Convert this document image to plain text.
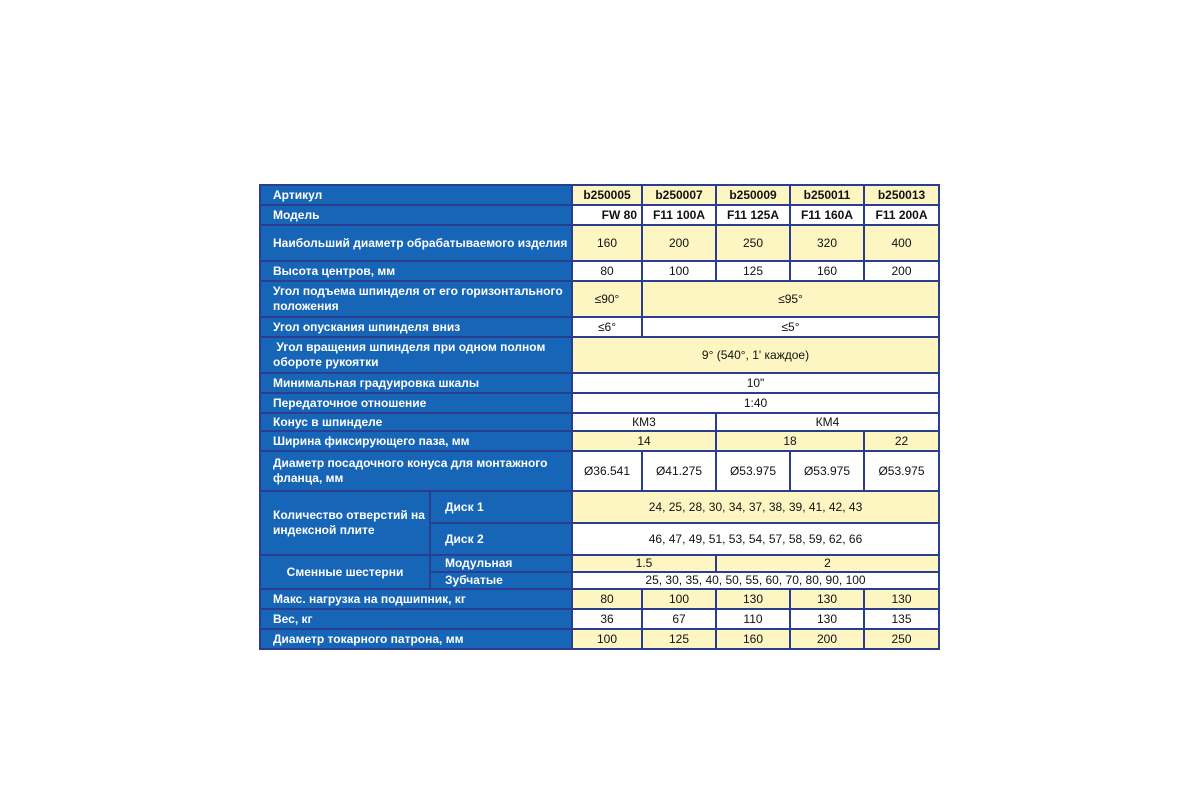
Артикул		b250005	b250007	b250009	b250011	b250013
Модель		FW 80	F11 100A	F11 125A	F11 160A	F11 200A
Наибольший диаметр обрабатываемого изделия		160	200	250	320	400
Высота центров, мм		80	100	125	160	200
Угол подъема шпинделя от его горизонтального положения		≤90°	≤95°			
Угол опускания шпинделя вниз		≤6°	≤5°			
Угол вращения шпинделя при одном полном обороте рукоятки		9° (540°, 1' каждое)				
Минимальная градуировка шкалы		10"				
Передаточное отношение		1:40				
Конус в шпинделе		КМ3		КМ4		
Ширина фиксирующего паза, мм		14		18		22
Диаметр посадочного конуса для монтажного фланца, мм		Ø36.541	Ø41.275	Ø53.975	Ø53.975	Ø53.975
Количество отверстий на индексной плите	Диск 1	24, 25, 28, 30, 34, 37, 38, 39, 41, 42, 43				
	Диск 2	46, 47, 49, 51, 53, 54, 57, 58, 59, 62, 66				
Сменные шестерни	Модульная	1.5		2		
	Зубчатые	25, 30, 35, 40, 50, 55, 60, 70, 80, 90, 100				
Макс. нагрузка на подшипник, кг		80	100	130	130	130
Вес, кг		36	67	110	130	135
Диаметр токарного патрона, мм		100	125	160	200	250
